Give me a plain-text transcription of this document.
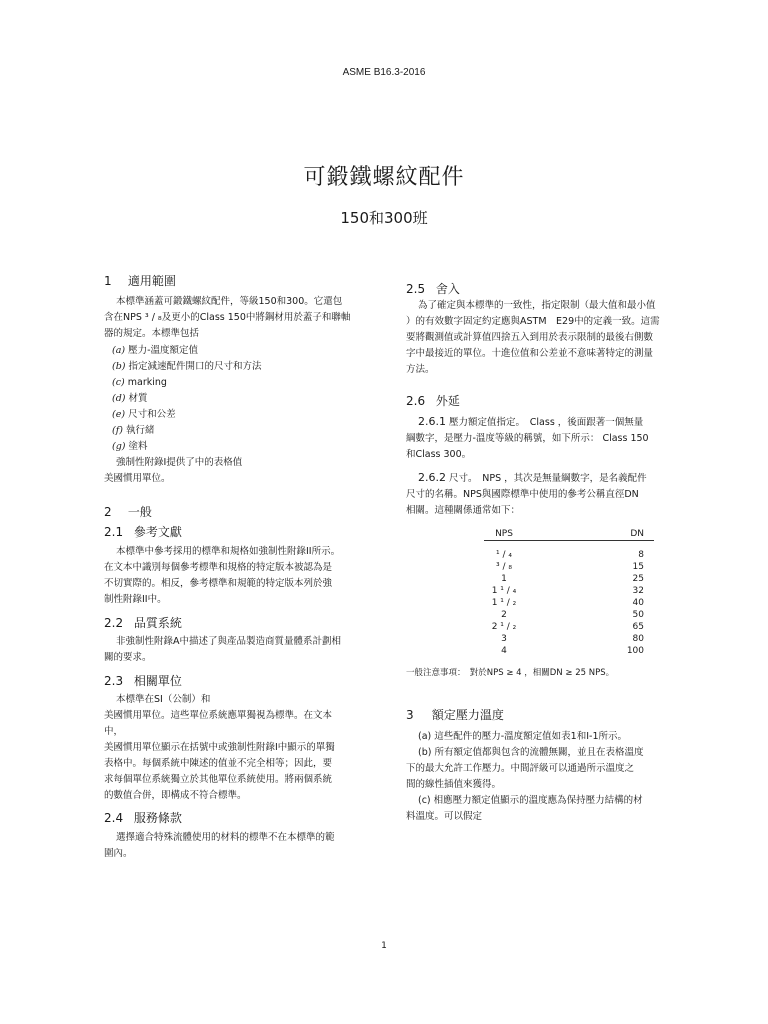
ASME B16.3-2016
可鍛鐵螺紋配件
150和300班
1 適用範圍
本標準涵蓋可鍛鐵螺紋配件，等級150和300。它還包
含在NPS ³ / ₈及更小的Class 150中將鋼材用於蓋子和聯軸
器的規定。本標準包括
(a) 壓力-溫度額定值
(b) 指定減速配件開口的尺寸和方法
(c) marking
(d) 材質
(e) 尺寸和公差
(f) 執行緒
(g) 塗料
強制性附錄I提供了中的表格值
美國慣用單位。
2 一般
2.1 參考文獻
本標準中參考採用的標準和規格如強制性附錄II所示。
在文本中識別每個參考標準和規格的特定版本被認為是
不切實際的。相反，參考標準和規範的特定版本列於強
制性附錄II中。
2.2 品質系統
非強制性附錄A中描述了與產品製造商質量體系計劃相
關的要求。
2.3 相關單位
本標準在SI（公制）和
美國慣用單位。這些單位系統應單獨視為標準。在文本
中，
美國慣用單位顯示在括號中或強制性附錄I中顯示的單獨
表格中。每個系統中陳述的值並不完全相等；因此，要
求每個單位系統獨立於其他單位系統使用。將兩個系統
的數值合併，即構成不符合標準。
2.4 服務條款
選擇適合特殊流體使用的材料的標準不在本標準的範
圍內。
2.5 舍入
為了確定與本標準的一致性，指定限制（最大值和最小值
）的有效數字固定約定應與ASTM　E29中的定義一致。這需
要將觀測值或計算值四捨五入到用於表示限制的最後右側數
字中最接近的單位。十進位值和公差並不意味著特定的測量
方法。
2.6 外延
2.6.1 壓力額定值指定。　Class ，後面跟著一個無量
綱數字，是壓力-溫度等級的稱號，如下所示： Class 150
和Class 300。
2.6.2 尺寸。　NPS ，其次是無量綱數字，是名義配件
尺寸的名稱。NPS與國際標準中使用的參考公稱直徑DN
相關。這種關係通常如下：
NPS	DN
¹ / ₄	8
³ / ₈	15
1	25
1 ¹ / ₄	32
1 ¹ / ₂	40
2	50
2 ¹ / ₂	65
3	80
4	100
一般注意事項：　對於NPS ≥ 4 ，相關DN ≥ 25 NPS。
3 額定壓力溫度
(a) 這些配件的壓力-溫度額定值如表1和I-1所示。
(b) 所有額定值都與包含的流體無關，並且在表格溫度
下的最大允許工作壓力。中間評級可以通過所示溫度之
間的線性插值來獲得。
(c) 相應壓力額定值顯示的溫度應為保持壓力結構的材
料溫度。可以假定
1
